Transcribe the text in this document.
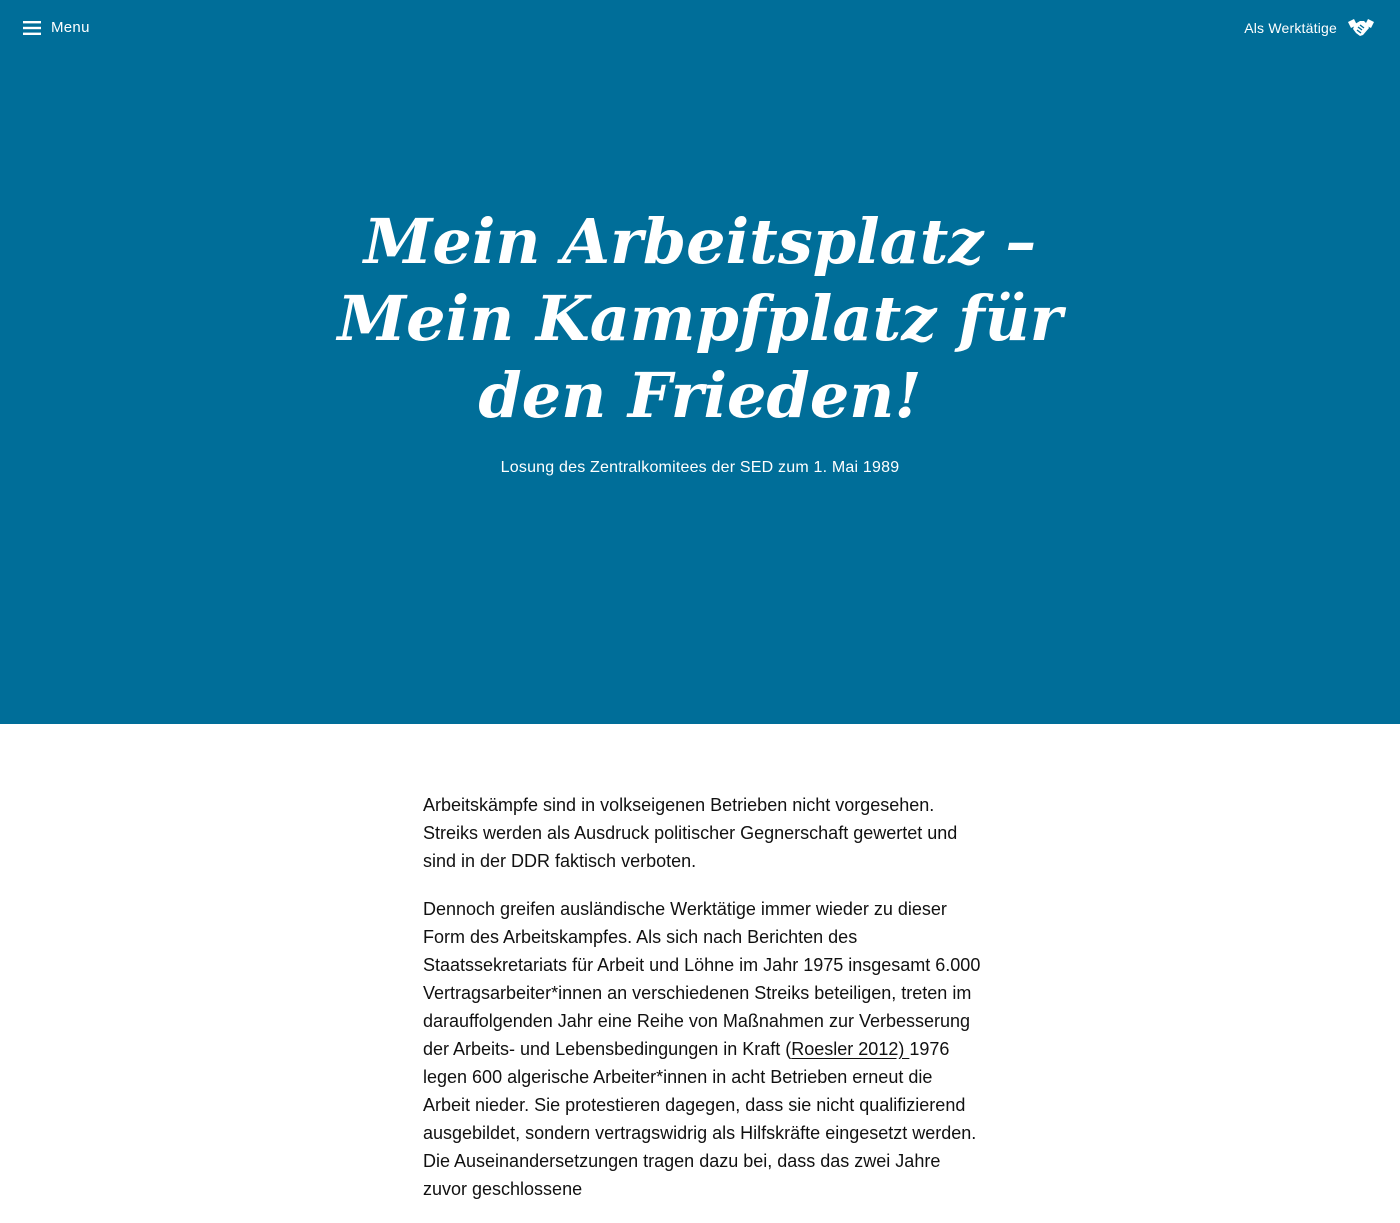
Menu	Als Werktätige
Mein Arbeitsplatz –
Mein Kampfplatz für
den Frieden!

Losung des Zentralkomitees der SED zum 1. Mai 1989

Arbeitskämpfe sind in volkseigenen Betrieben nicht vorgesehen. Streiks werden als Ausdruck politischer Gegnerschaft gewertet und sind in der DDR faktisch verboten.

Dennoch greifen ausländische Werktätige immer wieder zu dieser Form des Arbeitskampfes. Als sich nach Berichten des Staatssekretariats für Arbeit und Löhne im Jahr 1975 insgesamt 6.000 Vertragsarbeiter*innen an verschiedenen Streiks beteiligen, treten im darauffolgenden Jahr eine Reihe von Maßnahmen zur Verbesserung der Arbeits- und Lebensbedingungen in Kraft (Roesler 2012) 1976 legen 600 algerische Arbeiter*innen in acht Betrieben erneut die Arbeit nieder. Sie protestieren dagegen, dass sie nicht qualifizierend ausgebildet, sondern vertragswidrig als Hilfskräfte eingesetzt werden. Die Auseinandersetzungen tragen dazu bei, dass das zwei Jahre zuvor geschlossene
